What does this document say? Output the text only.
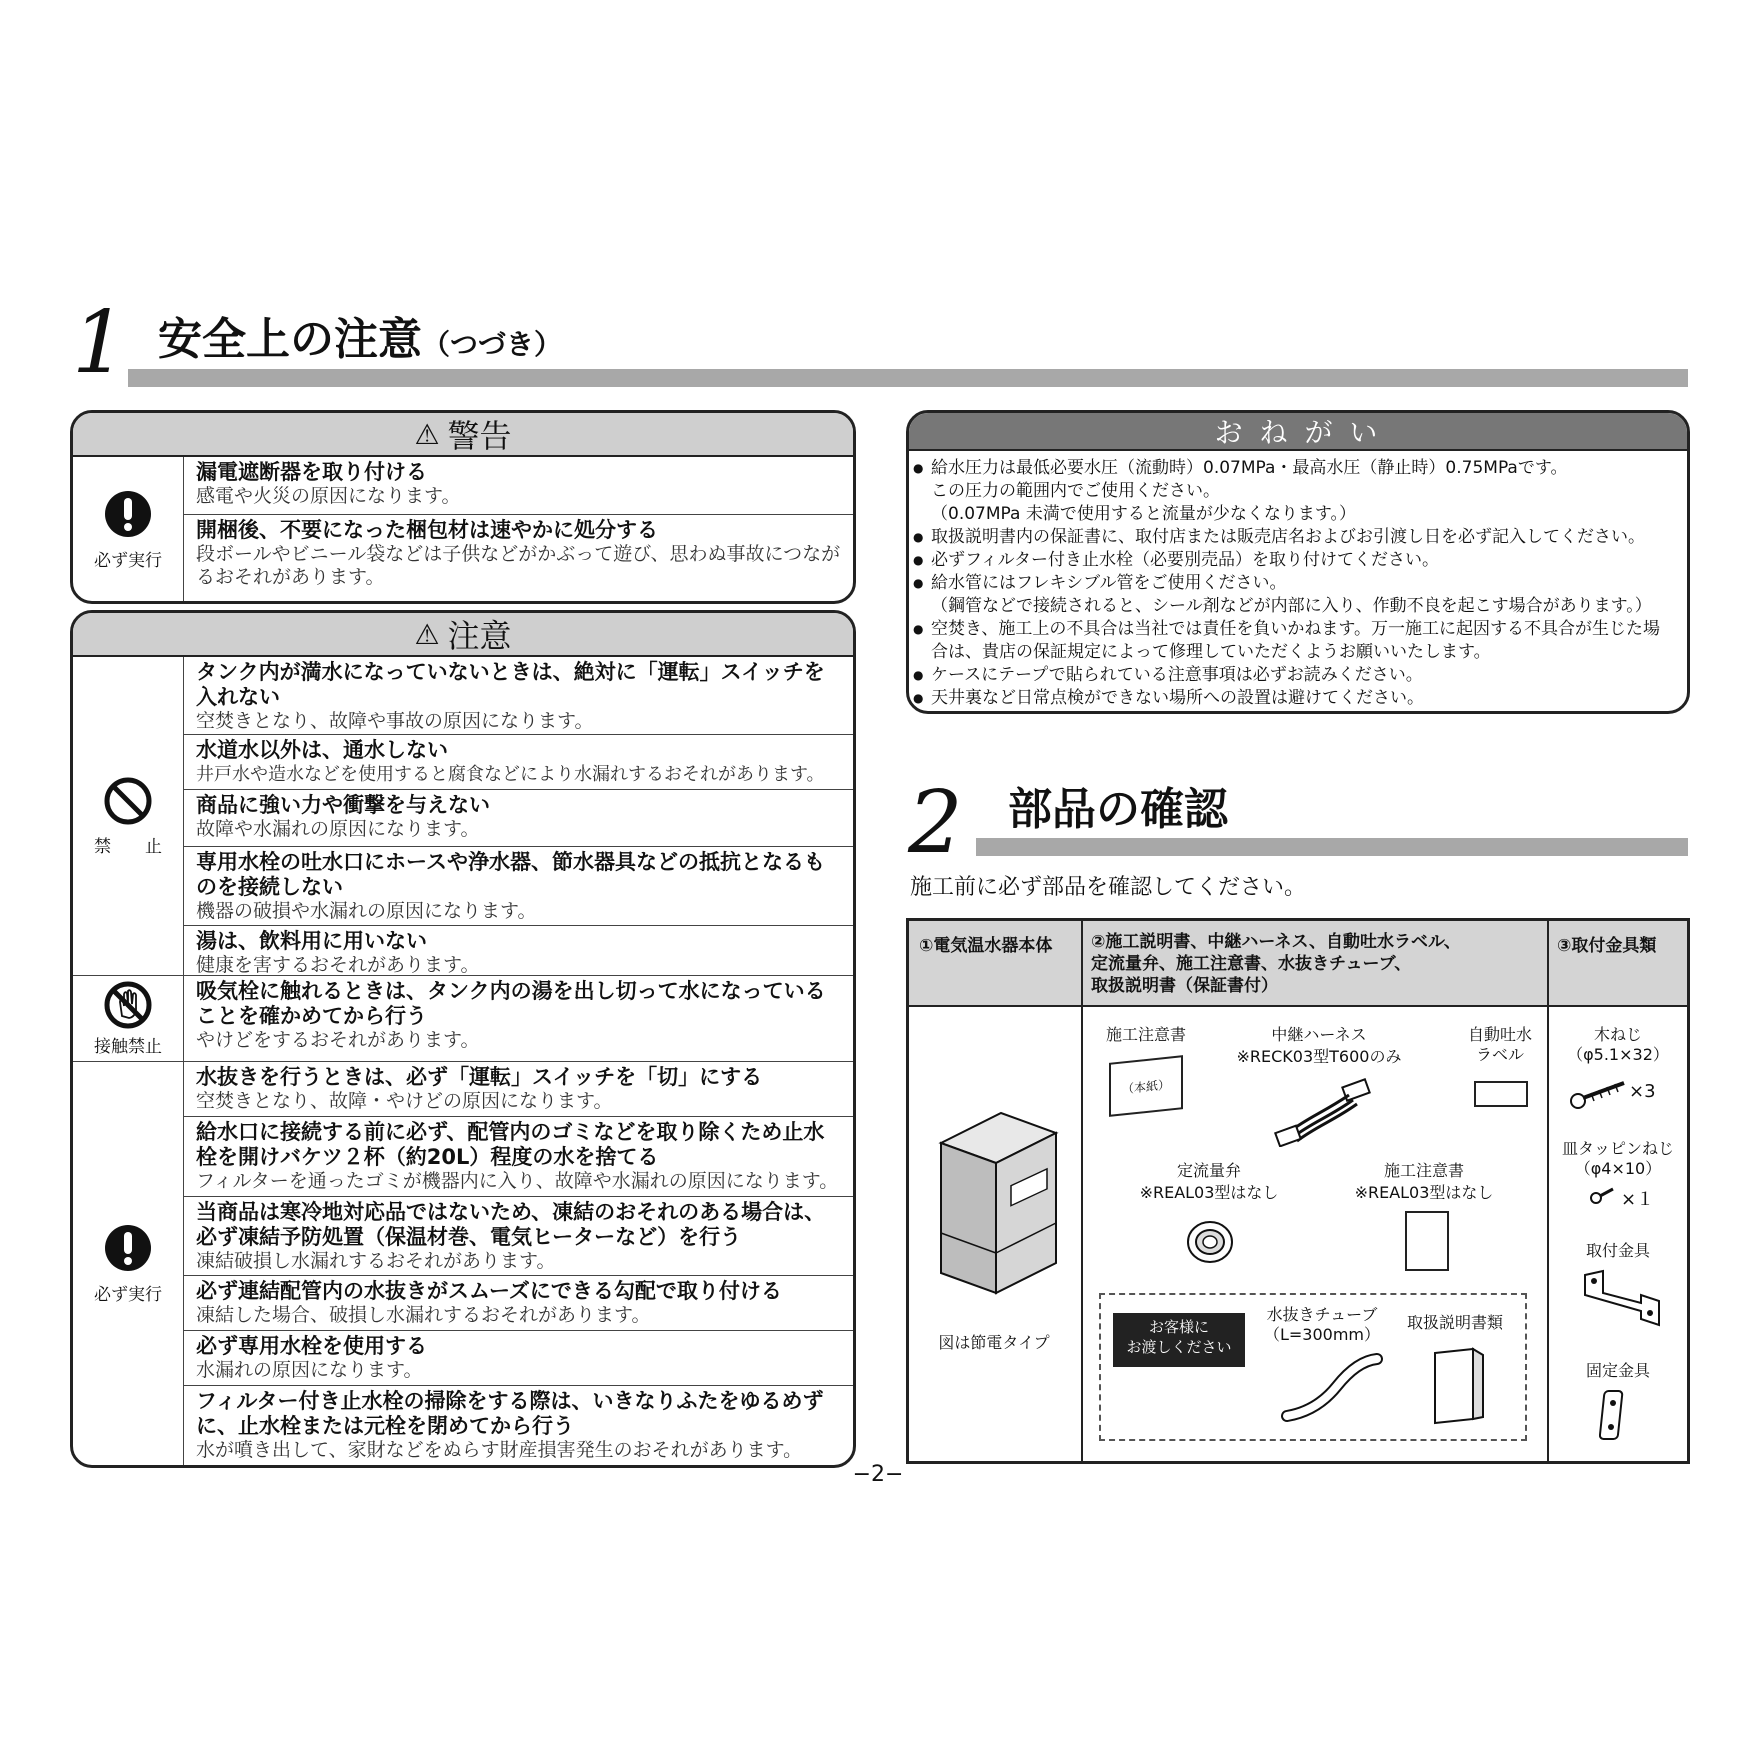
1 安全上の注意（つづき）
⚠ 警告
必ず実行
漏電遮断器を取り付ける
感電や火災の原因になります。
開梱後、不要になった梱包材は速やかに処分する
段ボールやビニール袋などは子供などがかぶって遊び、思わぬ事故につながるおそれがあります。
⚠ 注意
禁　　止
タンク内が満水になっていないときは、絶対に「運転」スイッチを入れない
空焚きとなり、故障や事故の原因になります。
水道水以外は、通水しない
井戸水や造水などを使用すると腐食などにより水漏れするおそれがあります。
商品に強い力や衝撃を与えない
故障や水漏れの原因になります。
専用水栓の吐水口にホースや浄水器、節水器具などの抵抗となるものを接続しない
機器の破損や水漏れの原因になります。
湯は、飲料用に用いない
健康を害するおそれがあります。
接触禁止
吸気栓に触れるときは、タンク内の湯を出し切って水になっていることを確かめてから行う
やけどをするおそれがあります。
必ず実行
水抜きを行うときは、必ず「運転」スイッチを「切」にする
空焚きとなり、故障・やけどの原因になります。
給水口に接続する前に必ず、配管内のゴミなどを取り除くため止水栓を開けバケツ２杯（約20L）程度の水を捨てる
フィルターを通ったゴミが機器内に入り、故障や水漏れの原因になります。
当商品は寒冷地対応品ではないため、凍結のおそれのある場合は、必ず凍結予防処置（保温材巻、電気ヒーターなど）を行う
凍結破損し水漏れするおそれがあります。
必ず連結配管内の水抜きがスムーズにできる勾配で取り付ける
凍結した場合、破損し水漏れするおそれがあります。
必ず専用水栓を使用する
水漏れの原因になります。
フィルター付き止水栓の掃除をする際は、いきなりふたをゆるめずに、止水栓または元栓を閉めてから行う
水が噴き出して、家財などをぬらす財産損害発生のおそれがあります。
お ね が い
● 給水圧力は最低必要水圧（流動時）0.07MPa・最高水圧（静止時）0.75MPaです。
この圧力の範囲内でご使用ください。
（0.07MPa 未満で使用すると流量が少なくなります。）
● 取扱説明書内の保証書に、取付店または販売店名およびお引渡し日を必ず記入してください。
● 必ずフィルター付き止水栓（必要別売品）を取り付けてください。
● 給水管にはフレキシブル管をご使用ください。
（鋼管などで接続されると、シール剤などが内部に入り、作動不良を起こす場合があります。）
● 空焚き、施工上の不具合は当社では責任を負いかねます。万一施工に起因する不具合が生じた場合は、貴店の保証規定によって修理していただくようお願いいたします。
● ケースにテープで貼られている注意事項は必ずお読みください。
● 天井裏など日常点検ができない場所への設置は避けてください。
2 部品の確認
施工前に必ず部品を確認してください。
①電気温水器本体 ②施工説明書、中継ハーネス、自動吐水ラベル、
定流量弁、施工注意書、水抜きチューブ、
取扱説明書（保証書付）
③取付金具類
図は節電タイプ
施工注意書
（本紙）
中継ハーネス
※RECK03型T600のみ
自動吐水
ラベル
定流量弁
※REAL03型はなし
施工注意書
※REAL03型はなし
お客様に
お渡しください
水抜きチューブ
（L=300mm）
取扱説明書類
木ねじ
（φ5.1×32）
×3
皿タッピンねじ
（φ4×10）
×１
取付金具
固定金具
−2−
